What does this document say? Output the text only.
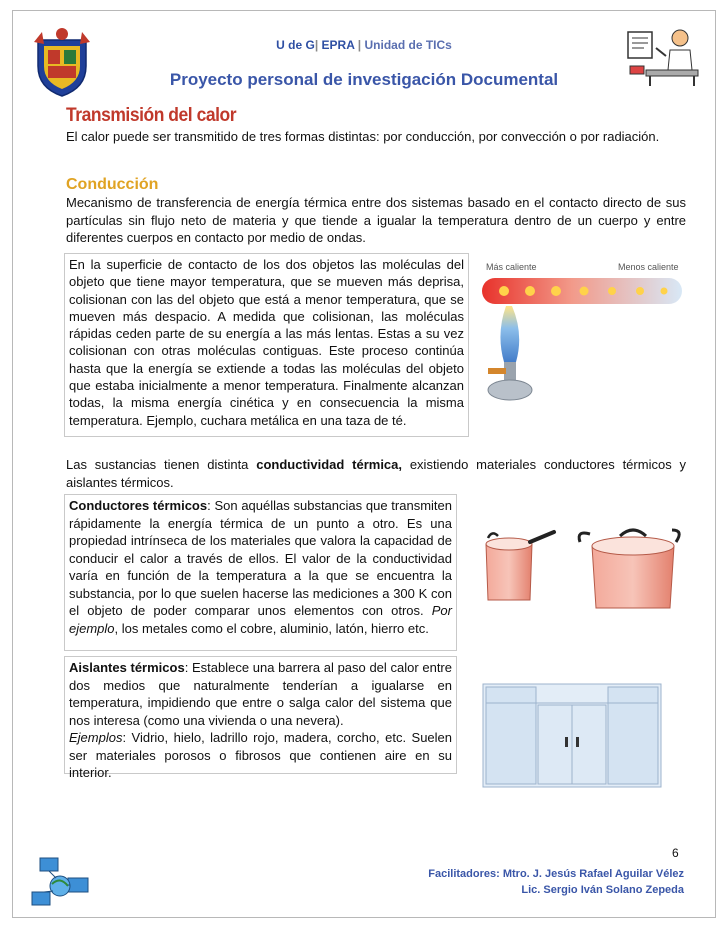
U de G| EPRA | Unidad de TICs
Proyecto personal de investigación Documental
Transmisión del calor
El calor puede ser transmitido de tres formas distintas: por conducción, por convección o por radiación.
Conducción
Mecanismo de transferencia de energía térmica entre dos sistemas basado en el contacto directo de sus partículas sin flujo neto de materia y que tiende a igualar la temperatura dentro de un cuerpo y entre diferentes cuerpos en contacto por medio de ondas.
En la superficie de contacto de los dos objetos las moléculas del objeto que tiene mayor temperatura, que se mueven más deprisa, colisionan con las del objeto que está a menor temperatura, que se mueven más despacio. A medida que colisionan, las moléculas rápidas ceden parte de su energía a las más lentas. Estas a su vez colisionan con otras moléculas contiguas. Este proceso continúa hasta que la energía se extiende a todas las moléculas del objeto que estaba inicialmente a menor temperatura. Finalmente alcanzan todas, la misma energía cinética y en consecuencia la misma temperatura. Ejemplo, cuchara metálica en una taza de té.
Más caliente	Menos caliente
Las sustancias tienen distinta conductividad térmica, existiendo materiales conductores térmicos y aislantes térmicos.
Conductores térmicos: Son aquéllas substancias que transmiten rápidamente la energía térmica de un punto a otro. Es una propiedad intrínseca de los materiales que valora la capacidad de conducir el calor a través de ellos. El valor de la conductividad varía en función de la temperatura a la que se encuentra la substancia, por lo que suelen hacerse las mediciones a 300 K con el objeto de poder comparar unos elementos con otros. Por ejemplo, los metales como el cobre, aluminio, latón, hierro etc.
Aislantes térmicos: Establece una barrera al paso del calor entre dos medios que naturalmente tenderían a igualarse en temperatura, impidiendo que entre o salga calor del sistema que nos interesa (como una vivienda o una nevera).
Ejemplos: Vidrio, hielo, ladrillo rojo, madera, corcho, etc. Suelen ser materiales porosos o fibrosos que contienen aire en su interior.
6
Facilitadores: Mtro. J. Jesús Rafael Aguilar Vélez
Lic. Sergio Iván Solano Zepeda
